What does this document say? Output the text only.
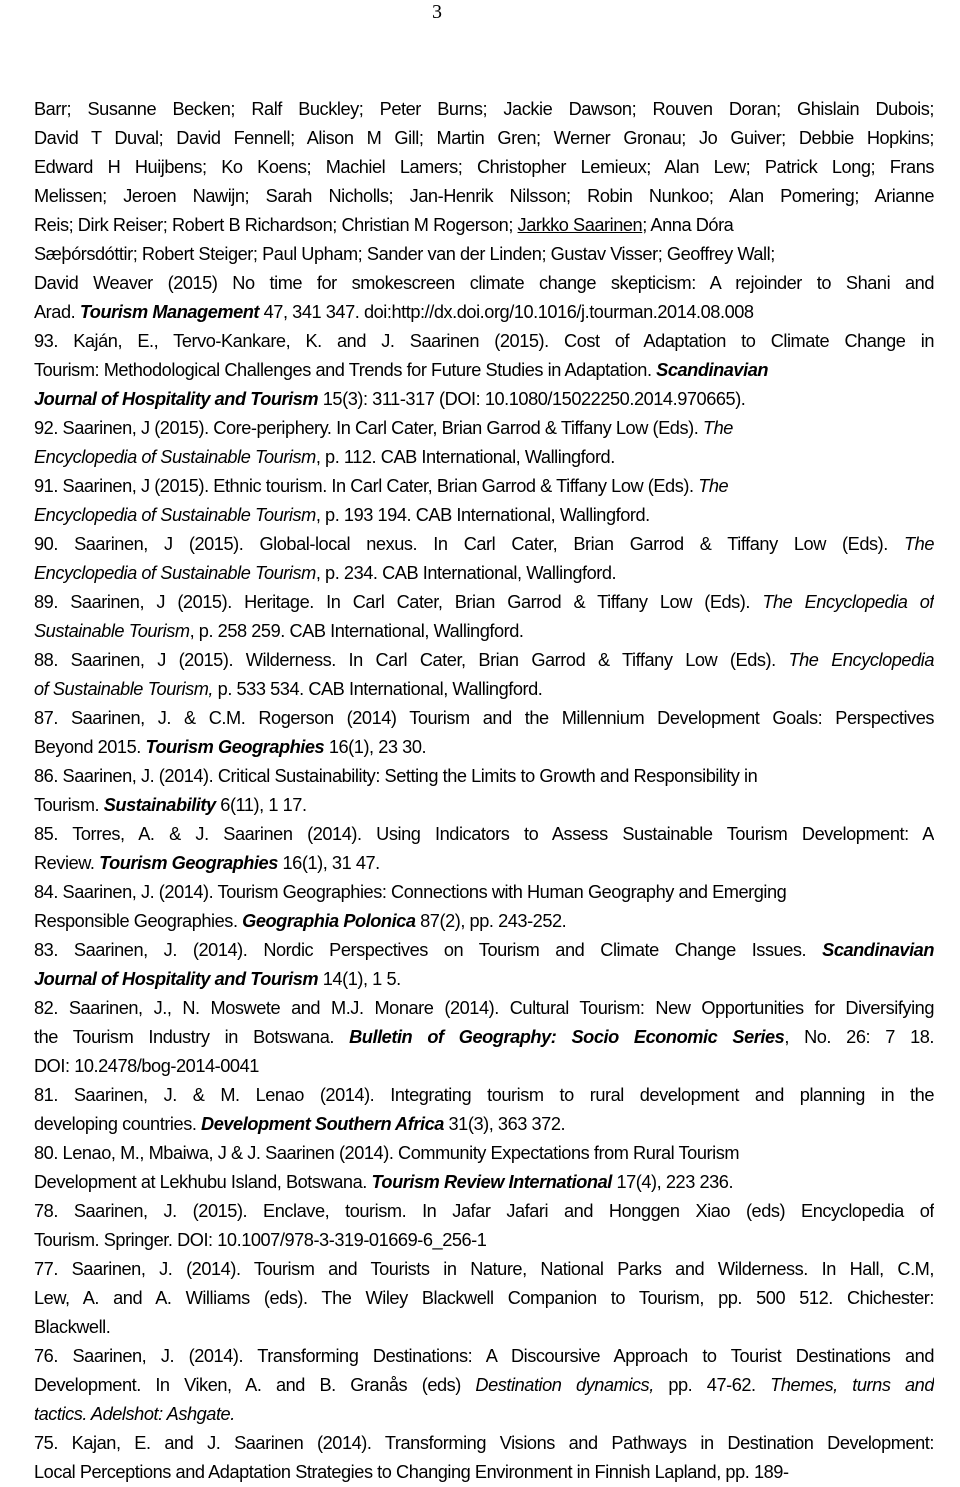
3
Barr; Susanne Becken; Ralf Buckley; Peter Burns; Jackie Dawson; Rouven Doran; Ghislain Dubois;
David T Duval; David Fennell; Alison M Gill; Martin Gren; Werner Gronau; Jo Guiver; Debbie Hopkins;
Edward H Huijbens; Ko Koens; Machiel Lamers; Christopher Lemieux; Alan Lew; Patrick Long; Frans
Melissen; Jeroen Nawijn; Sarah Nicholls; Jan-Henrik Nilsson; Robin Nunkoo; Alan Pomering; Arianne
Reis; Dirk Reiser; Robert B Richardson; Christian M Rogerson; Jarkko Saarinen; Anna Dóra
Sæþórsdóttir; Robert Steiger; Paul Upham; Sander van der Linden; Gustav Visser; Geoffrey Wall;
David Weaver (2015) No time for smokescreen climate change skepticism: A rejoinder to Shani and
Arad. Tourism Management 47, 341 347. doi:http://dx.doi.org/10.1016/j.tourman.2014.08.008
93. Kaján, E., Tervo-Kankare, K. and J. Saarinen (2015). Cost of Adaptation to Climate Change in
Tourism: Methodological Challenges and Trends for Future Studies in Adaptation. Scandinavian
Journal of Hospitality and Tourism 15(3): 311-317 (DOI: 10.1080/15022250.2014.970665).
92. Saarinen, J (2015). Core-periphery. In Carl Cater, Brian Garrod & Tiffany Low (Eds). The
Encyclopedia of Sustainable Tourism, p. 112. CAB International, Wallingford.
91. Saarinen, J (2015). Ethnic tourism. In Carl Cater, Brian Garrod & Tiffany Low (Eds). The
Encyclopedia of Sustainable Tourism, p. 193 194. CAB International, Wallingford.
90. Saarinen, J (2015). Global-local nexus. In Carl Cater, Brian Garrod & Tiffany Low (Eds). The
Encyclopedia of Sustainable Tourism, p. 234. CAB International, Wallingford.
89. Saarinen, J (2015). Heritage. In Carl Cater, Brian Garrod & Tiffany Low (Eds). The Encyclopedia of
Sustainable Tourism, p. 258 259. CAB International, Wallingford.
88. Saarinen, J (2015). Wilderness. In Carl Cater, Brian Garrod & Tiffany Low (Eds). The Encyclopedia
of Sustainable Tourism, p. 533 534. CAB International, Wallingford.
87. Saarinen, J. & C.M. Rogerson (2014) Tourism and the Millennium Development Goals: Perspectives
Beyond 2015. Tourism Geographies 16(1), 23 30.
86. Saarinen, J. (2014). Critical Sustainability: Setting the Limits to Growth and Responsibility in
Tourism. Sustainability 6(11), 1 17.
85. Torres, A. & J. Saarinen (2014). Using Indicators to Assess Sustainable Tourism Development: A
Review. Tourism Geographies 16(1), 31 47.
84. Saarinen, J. (2014). Tourism Geographies: Connections with Human Geography and Emerging
Responsible Geographies. Geographia Polonica 87(2), pp. 243-252.
83. Saarinen, J. (2014). Nordic Perspectives on Tourism and Climate Change Issues. Scandinavian
Journal of Hospitality and Tourism 14(1), 1 5.
82. Saarinen, J., N. Moswete and M.J. Monare (2014). Cultural Tourism: New Opportunities for Diversifying
the Tourism Industry in Botswana. Bulletin of Geography: Socio Economic Series, No. 26: 7 18.
DOI: 10.2478/bog-2014-0041
81. Saarinen, J. & M. Lenao (2014). Integrating tourism to rural development and planning in the
developing countries. Development Southern Africa 31(3), 363 372.
80. Lenao, M., Mbaiwa, J & J. Saarinen (2014). Community Expectations from Rural Tourism
Development at Lekhubu Island, Botswana. Tourism Review International 17(4), 223 236.
78. Saarinen, J. (2015). Enclave, tourism. In Jafar Jafari and Honggen Xiao (eds) Encyclopedia of
Tourism. Springer. DOI: 10.1007/978-3-319-01669-6_256-1
77. Saarinen, J. (2014). Tourism and Tourists in Nature, National Parks and Wilderness. In Hall, C.M,
Lew, A. and A. Williams (eds). The Wiley Blackwell Companion to Tourism, pp. 500 512. Chichester:
Blackwell.
76. Saarinen, J. (2014). Transforming Destinations: A Discoursive Approach to Tourist Destinations and
Development. In Viken, A. and B. Granås (eds) Destination dynamics, pp. 47-62. Themes, turns and
tactics. Adelshot: Ashgate.
75. Kajan, E. and J. Saarinen (2014). Transforming Visions and Pathways in Destination Development:
Local Perceptions and Adaptation Strategies to Changing Environment in Finnish Lapland, pp. 189-
